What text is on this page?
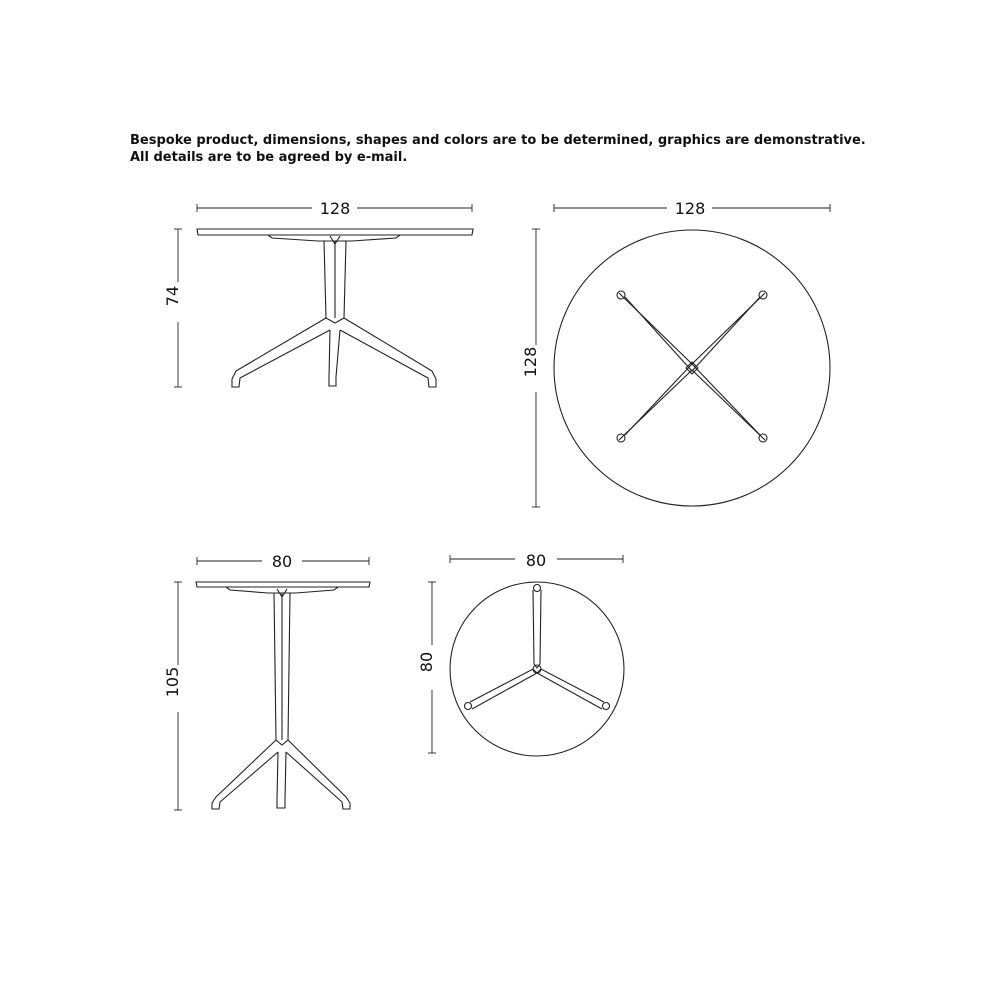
Bespoke product, dimensions, shapes and colors are to be determined, graphics are demonstrative.
All details are to be agreed by e-mail.
128
74
128
128
80
105
80
80
